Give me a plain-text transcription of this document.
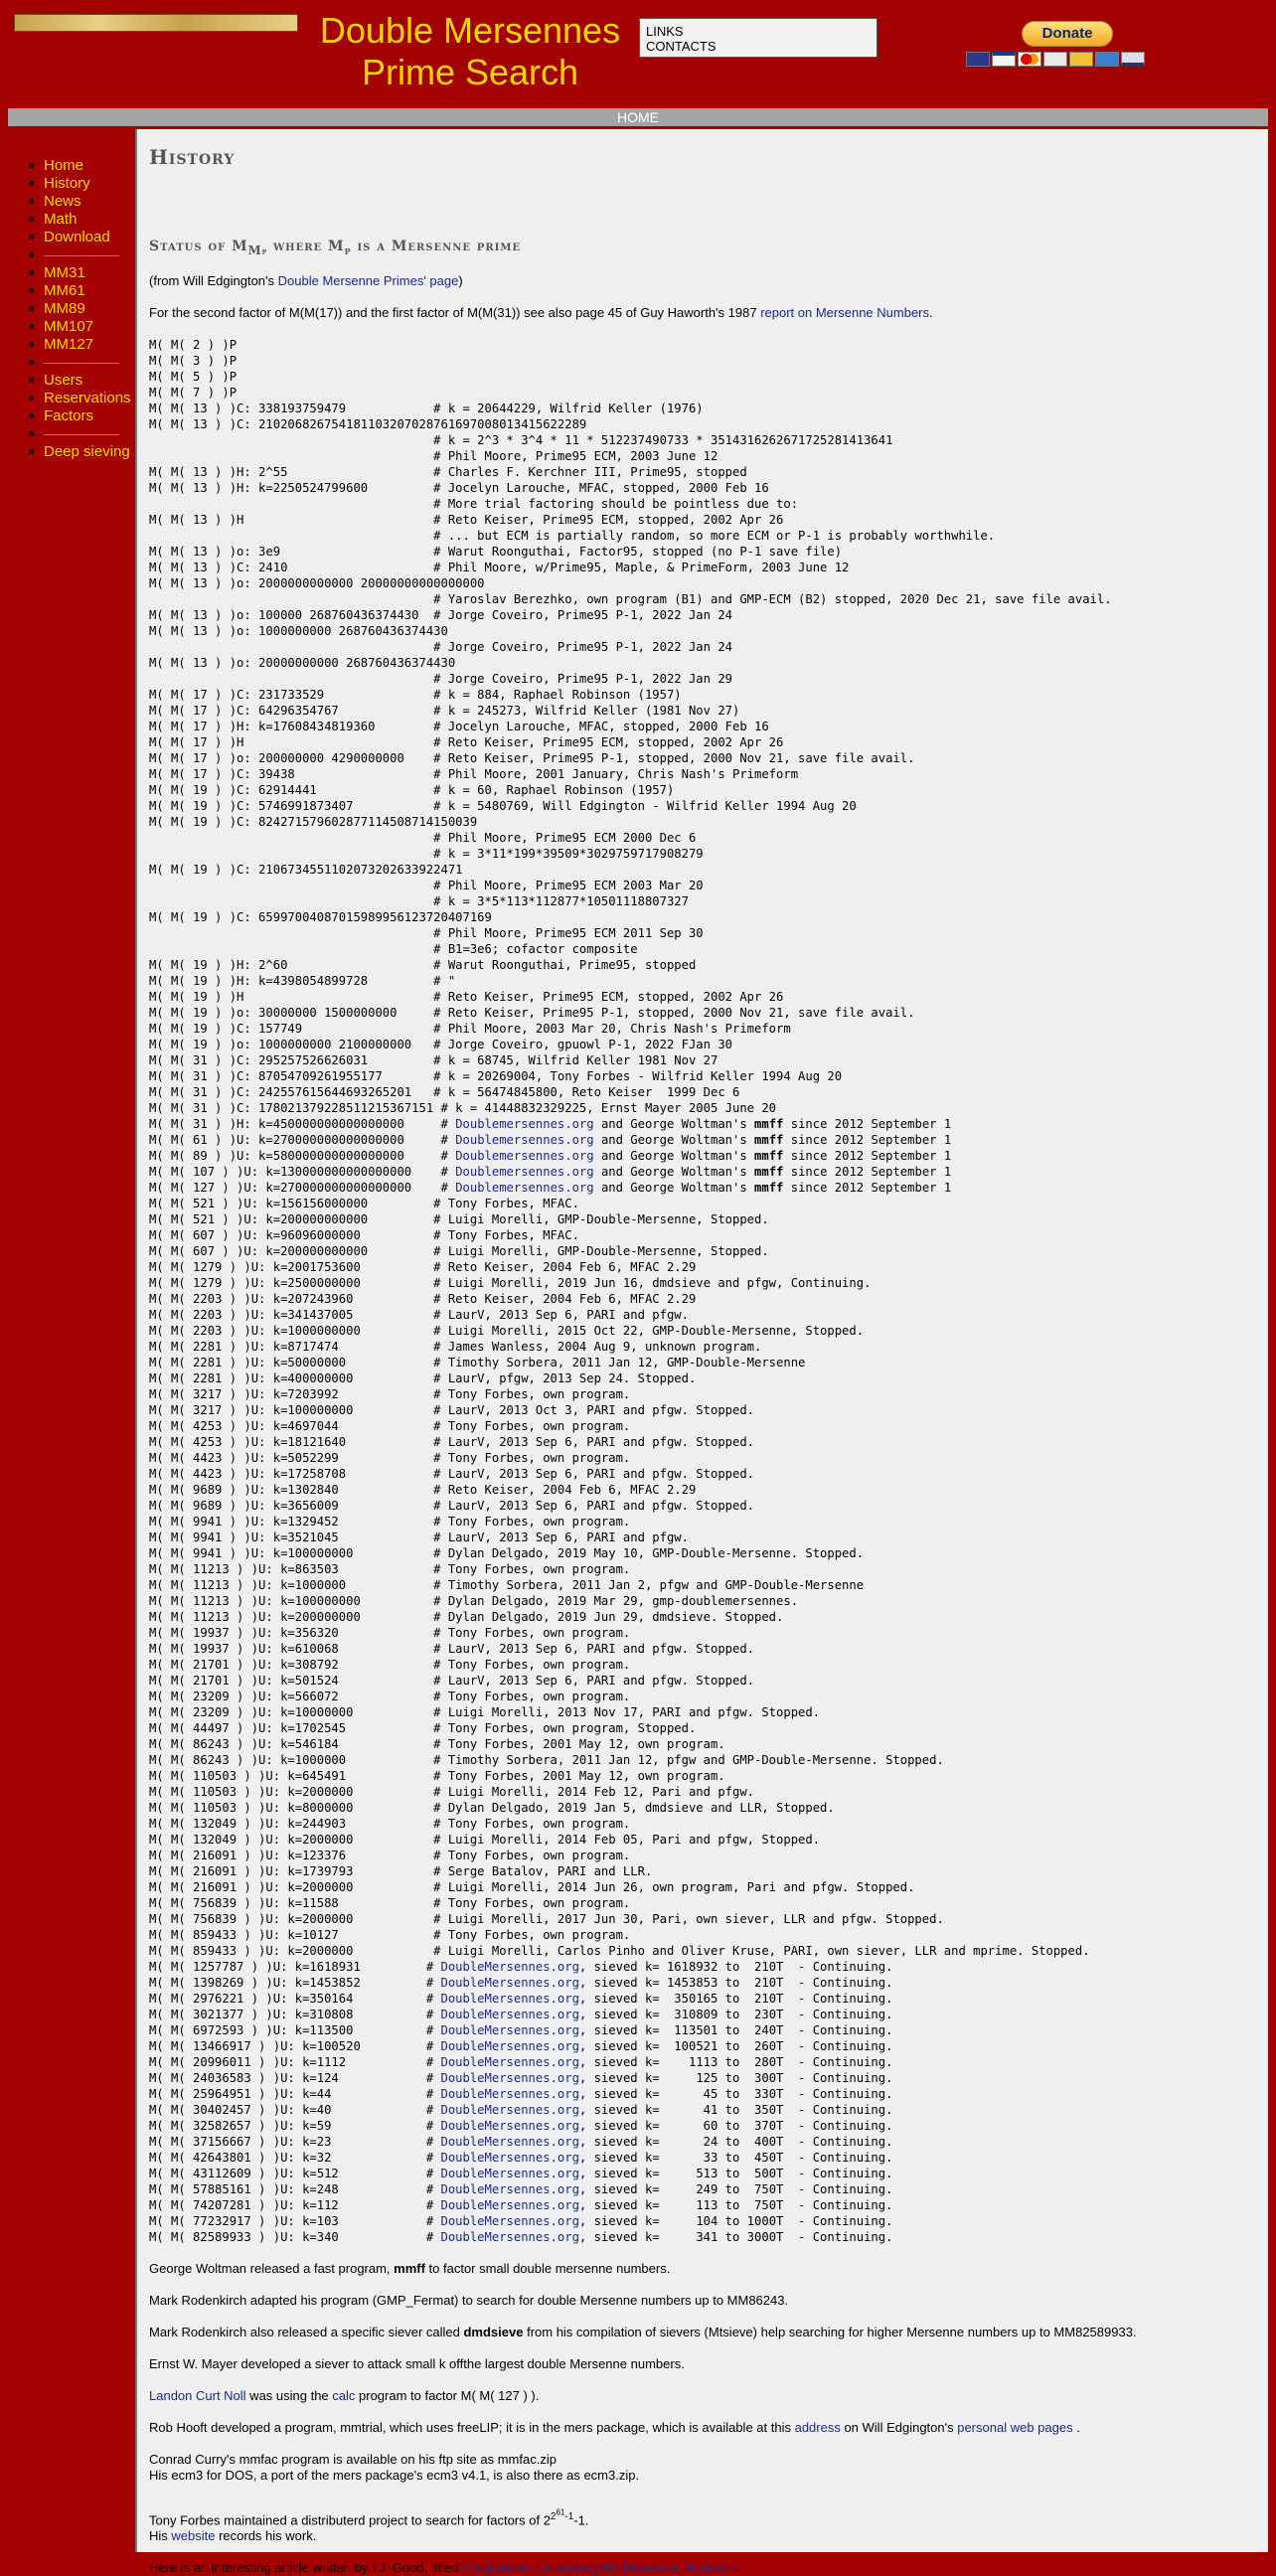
Double Mersennes
Prime Search
LINKS
CONTACTS
Donate
HOME
Home
History
News
Math
Download
MM31
MM61
MM89
MM107
MM127
Users
Reservations
Factors
Deep sieving
History
Status of $M_{Mp}$ where $M_p$ is a Mersenne prime
(from Will Edgington's Double Mersenne Primes' page)
For the second factor of M(M(17)) and the first factor of M(M(31)) see also page 45 of Guy Haworth's 1987 report on Mersenne Numbers.
M( M( 2 ) )P
M( M( 3 ) )P
M( M( 5 ) )P
M( M( 7 ) )P
M( M( 13 ) )C: 338193759479            # k = 20644229, Wilfrid Keller (1976)
M( M( 13 ) )C: 210206826754181103207028761697008013415622289
# k = 2^3 * 3^4 * 11 * 512237490733 * 35143162626717252814136​41
# Phil Moore, Prime95 ECM, 2003 June 12
M( M( 13 ) )H: 2^55                    # Charles F. Kerchner III, Prime95, stopped
M( M( 13 ) )H: k=2250524799600         # Jocelyn Larouche, MFAC, stopped, 2000 Feb 16
# More trial factoring should be pointless due to:
M( M( 13 ) )H                          # Reto Keiser, Prime95 ECM, stopped, 2002 Apr 26
# ... but ECM is partially random, so more ECM or P-1 is probably worthwhile.
M( M( 13 ) )o: 3e9                     # Warut Roonguthai, Factor95, stopped (no P-1 save file)
M( M( 13 ) )C: 2410                    # Phil Moore, w/Prime95, Maple, & PrimeForm, 2003 June 12
M( M( 13 ) )o: 2000000000000 20000000000000000
# Yaroslav Berezhko, own program (B1) and GMP-ECM (B2) stopped, 2020 Dec 21, save file avail.
M( M( 13 ) )o: 100000 268760436374430  # Jorge Coveiro, Prime95 P-1, 2022 Jan 24
M( M( 13 ) )o: 1000000000 268760436374430
# Jorge Coveiro, Prime95 P-1, 2022 Jan 24
M( M( 13 ) )o: 20000000000 268760436374430
# Jorge Coveiro, Prime95 P-1, 2022 Jan 29
M( M( 17 ) )C: 231733529               # k = 884, Raphael Robinson (1957)
M( M( 17 ) )C: 64296354767             # k = 245273, Wilfrid Keller (1981 Nov 27)
M( M( 17 ) )H: k=17608434819360        # Jocelyn Larouche, MFAC, stopped, 2000 Feb 16
M( M( 17 ) )H                          # Reto Keiser, Prime95 ECM, stopped, 2002 Apr 26
M( M( 17 ) )o: 200000000 4290000000    # Reto Keiser, Prime95 P-1, stopped, 2000 Nov 21, save file avail.
M( M( 17 ) )C: 39438                   # Phil Moore, 2001 January, Chris Nash's Primeform
M( M( 19 ) )C: 62914441                # k = 60, Raphael Robinson (1957)
M( M( 19 ) )C: 5746991873407           # k = 5480769, Will Edgington - Wilfrid Keller 1994 Aug 20
M( M( 19 ) )C: 824271579602877114508714150039
# Phil Moore, Prime95 ECM 2000 Dec 6
# k = 3*11*199*39509*3029759717908279
M( M( 19 ) )C: 2106734551102073202633922471
# Phil Moore, Prime95 ECM 2003 Mar 20
# k = 3*5*113*112877*10501118807327
M( M( 19 ) )C: 65997004087015989956123720407169
# Phil Moore, Prime95 ECM 2011 Sep 30
# B1=3e6; cofactor composite
M( M( 19 ) )H: 2^60                    # Warut Roonguthai, Prime95, stopped
M( M( 19 ) )H: k=4398054899728         # "
M( M( 19 ) )H                          # Reto Keiser, Prime95 ECM, stopped, 2002 Apr 26
M( M( 19 ) )o: 30000000 1500000000     # Reto Keiser, Prime95 P-1, stopped, 2000 Nov 21, save file avail.
M( M( 19 ) )C: 157749                  # Phil Moore, 2003 Mar 20, Chris Nash's Primeform
M( M( 19 ) )o: 1000000000 2100000000   # Jorge Coveiro, gpuowl P-1, 2022 FJan 30
M( M( 31 ) )C: 295257526626031         # k = 68745, Wilfrid Keller 1981 Nov 27
M( M( 31 ) )C: 87054709261955177       # k = 20269004, Tony Forbes - Wilfrid Keller 1994 Aug 20
M( M( 31 ) )C: 242557615644693265201   # k = 56474845800, Reto Keiser  1999 Dec 6
M( M( 31 ) )C: 178021379228511215367151 # k = 41448832329225, Ernst Mayer 2005 June 20
M( M( 31 ) )H: k=450000000000000000     # Doublemersennes.org and George Woltman's mmff since 2012 September 1
M( M( 61 ) )U: k=270000000000000000     # Doublemersennes.org and George Woltman's mmff since 2012 September 1
M( M( 89 ) )U: k=580000000000000000     # Doublemersennes.org and George Woltman's mmff since 2012 September 1
M( M( 107 ) )U: k=130000000000000000    # Doublemersennes.org and George Woltman's mmff since 2012 September 1
M( M( 127 ) )U: k=270000000000000000    # Doublemersennes.org and George Woltman's mmff since 2012 September 1
M( M( 521 ) )U: k=156156000000         # Tony Forbes, MFAC.
M( M( 521 ) )U: k=200000000000         # Luigi Morelli, GMP-Double-Mersenne, Stopped.
M( M( 607 ) )U: k=96096000000          # Tony Forbes, MFAC.
M( M( 607 ) )U: k=200000000000         # Luigi Morelli, GMP-Double-Mersenne, Stopped.
M( M( 1279 ) )U: k=2001753600          # Reto Keiser, 2004 Feb 6, MFAC 2.29
M( M( 1279 ) )U: k=2500000000          # Luigi Morelli, 2019 Jun 16, dmdsieve and pfgw, Continuing.
M( M( 2203 ) )U: k=207243960           # Reto Keiser, 2004 Feb 6, MFAC 2.29
M( M( 2203 ) )U: k=341437005           # LaurV, 2013 Sep 6, PARI and pfgw.
M( M( 2203 ) )U: k=1000000000          # Luigi Morelli, 2015 Oct 22, GMP-Double-Mersenne, Stopped.
M( M( 2281 ) )U: k=8717474             # James Wanless, 2004 Aug 9, unknown program.
M( M( 2281 ) )U: k=50000000            # Timothy Sorbera, 2011 Jan 12, GMP-Double-Mersenne
M( M( 2281 ) )U: k=400000000           # LaurV, pfgw, 2013 Sep 24. Stopped.
M( M( 3217 ) )U: k=7203992             # Tony Forbes, own program.
M( M( 3217 ) )U: k=100000000           # LaurV, 2013 Oct 3, PARI and pfgw. Stopped.
M( M( 4253 ) )U: k=4697044             # Tony Forbes, own program.
M( M( 4253 ) )U: k=18121640            # LaurV, 2013 Sep 6, PARI and pfgw. Stopped.
M( M( 4423 ) )U: k=5052299             # Tony Forbes, own program.
M( M( 4423 ) )U: k=17258708            # LaurV, 2013 Sep 6, PARI and pfgw. Stopped.
M( M( 9689 ) )U: k=1302840             # Reto Keiser, 2004 Feb 6, MFAC 2.29
M( M( 9689 ) )U: k=3656009             # LaurV, 2013 Sep 6, PARI and pfgw. Stopped.
M( M( 9941 ) )U: k=1329452             # Tony Forbes, own program.
M( M( 9941 ) )U: k=3521045             # LaurV, 2013 Sep 6, PARI and pfgw.
M( M( 9941 ) )U: k=100000000           # Dylan Delgado, 2019 May 10, GMP-Double-Mersenne. Stopped.
M( M( 11213 ) )U: k=863503             # Tony Forbes, own program.
M( M( 11213 ) )U: k=1000000            # Timothy Sorbera, 2011 Jan 2, pfgw and GMP-Double-Mersenne
M( M( 11213 ) )U: k=100000000          # Dylan Delgado, 2019 Mar 29, gmp-doublemersennes.
M( M( 11213 ) )U: k=200000000          # Dylan Delgado, 2019 Jun 29, dmdsieve. Stopped.
M( M( 19937 ) )U: k=356320             # Tony Forbes, own program.
M( M( 19937 ) )U: k=610068             # LaurV, 2013 Sep 6, PARI and pfgw. Stopped.
M( M( 21701 ) )U: k=308792             # Tony Forbes, own program.
M( M( 21701 ) )U: k=501524             # LaurV, 2013 Sep 6, PARI and pfgw. Stopped.
M( M( 23209 ) )U: k=566072             # Tony Forbes, own program.
M( M( 23209 ) )U: k=10000000           # Luigi Morelli, 2013 Nov 17, PARI and pfgw. Stopped.
M( M( 44497 ) )U: k=1702545            # Tony Forbes, own program, Stopped.
M( M( 86243 ) )U: k=546184             # Tony Forbes, 2001 May 12, own program.
M( M( 86243 ) )U: k=1000000            # Timothy Sorbera, 2011 Jan 12, pfgw and GMP-Double-Mersenne. Stopped.
M( M( 110503 ) )U: k=645491            # Tony Forbes, 2001 May 12, own program.
M( M( 110503 ) )U: k=2000000           # Luigi Morelli, 2014 Feb 12, Pari and pfgw.
M( M( 110503 ) )U: k=8000000           # Dylan Delgado, 2019 Jan 5, dmdsieve and LLR, Stopped.
M( M( 132049 ) )U: k=244903            # Tony Forbes, own program.
M( M( 132049 ) )U: k=2000000           # Luigi Morelli, 2014 Feb 05, Pari and pfgw, Stopped.
M( M( 216091 ) )U: k=123376            # Tony Forbes, own program.
M( M( 216091 ) )U: k=1739793           # Serge Batalov, PARI and LLR.
M( M( 216091 ) )U: k=2000000           # Luigi Morelli, 2014 Jun 26, own program, Pari and pfgw. Stopped.
M( M( 756839 ) )U: k=11588             # Tony Forbes, own program.
M( M( 756839 ) )U: k=2000000           # Luigi Morelli, 2017 Jun 30, Pari, own siever, LLR and pfgw. Stopped.
M( M( 859433 ) )U: k=10127             # Tony Forbes, own program.
M( M( 859433 ) )U: k=2000000           # Luigi Morelli, Carlos Pinho and Oliver Kruse, PARI, own siever, LLR and mprime. Stopped.
M( M( 1257787 ) )U: k=1618931         # DoubleMersennes.org, sieved k= 1618932 to  210T  - Continuing.
M( M( 1398269 ) )U: k=1453852         # DoubleMersennes.org, sieved k= 1453853 to  210T  - Continuing.
M( M( 2976221 ) )U: k=350164          # DoubleMersennes.org, sieved k=  350165 to  210T  - Continuing.
M( M( 3021377 ) )U: k=310808          # DoubleMersennes.org, sieved k=  310809 to  230T  - Continuing.
M( M( 6972593 ) )U: k=113500          # DoubleMersennes.org, sieved k=  113501 to  240T  - Continuing.
M( M( 13466917 ) )U: k=100520         # DoubleMersennes.org, sieved k=  100521 to  260T  - Continuing.
M( M( 20996011 ) )U: k=1112           # DoubleMersennes.org, sieved k=    1113 to  280T  - Continuing.
M( M( 24036583 ) )U: k=124            # DoubleMersennes.org, sieved k=     125 to  300T  - Continuing.
M( M( 25964951 ) )U: k=44             # DoubleMersennes.org, sieved k=      45 to  330T  - Continuing.
M( M( 30402457 ) )U: k=40             # DoubleMersennes.org, sieved k=      41 to  350T  - Continuing.
M( M( 32582657 ) )U: k=59             # DoubleMersennes.org, sieved k=      60 to  370T  - Continuing.
M( M( 37156667 ) )U: k=23             # DoubleMersennes.org, sieved k=      24 to  400T  - Continuing.
M( M( 42643801 ) )U: k=32             # DoubleMersennes.org, sieved k=      33 to  450T  - Continuing.
M( M( 43112609 ) )U: k=512            # DoubleMersennes.org, sieved k=     513 to  500T  - Continuing.
M( M( 57885161 ) )U: k=248            # DoubleMersennes.org, sieved k=     249 to  750T  - Continuing.
M( M( 74207281 ) )U: k=112            # DoubleMersennes.org, sieved k=     113 to  750T  - Continuing.
M( M( 77232917 ) )U: k=103            # DoubleMersennes.org, sieved k=     104 to 1000T  - Continuing.
M( M( 82589933 ) )U: k=340            # DoubleMersennes.org, sieved k=     341 to 3000T  - Continuing.

George Woltman released a fast program, mmff to factor small double mersenne numbers.
Mark Rodenkirch adapted his program (GMP_Fermat) to search for double Mersenne numbers up to MM86243.
Mark Rodenkirch also released a specific siever called dmdsieve from his compilation of sievers (Mtsieve) help searching for higher Mersenne numbers up to MM82589933.
Ernst W. Mayer developed a siever to attack small k offthe largest double Mersenne numbers.
Landon Curt Noll was using the calc program to factor M( M( 127 ) ).
Rob Hooft developed a program, mmtrial, which uses freeLIP; it is in the mers package, which is available at this address on Will Edgington's personal web pages .
Conrad Curry's mmfac program is available on his ftp site as mmfac.zip
His ecm3 for DOS, a port of the mers package's ecm3 v4.1, is also there as ecm3.zip.
Tony Forbes maintained a distributerd project to search for factors of 2$^{2^{61}-1}$-1.
His website records his work.
Here is an interesting article written by I.J. Good, titled Conjectures concerning the Mersenne Numbers.
